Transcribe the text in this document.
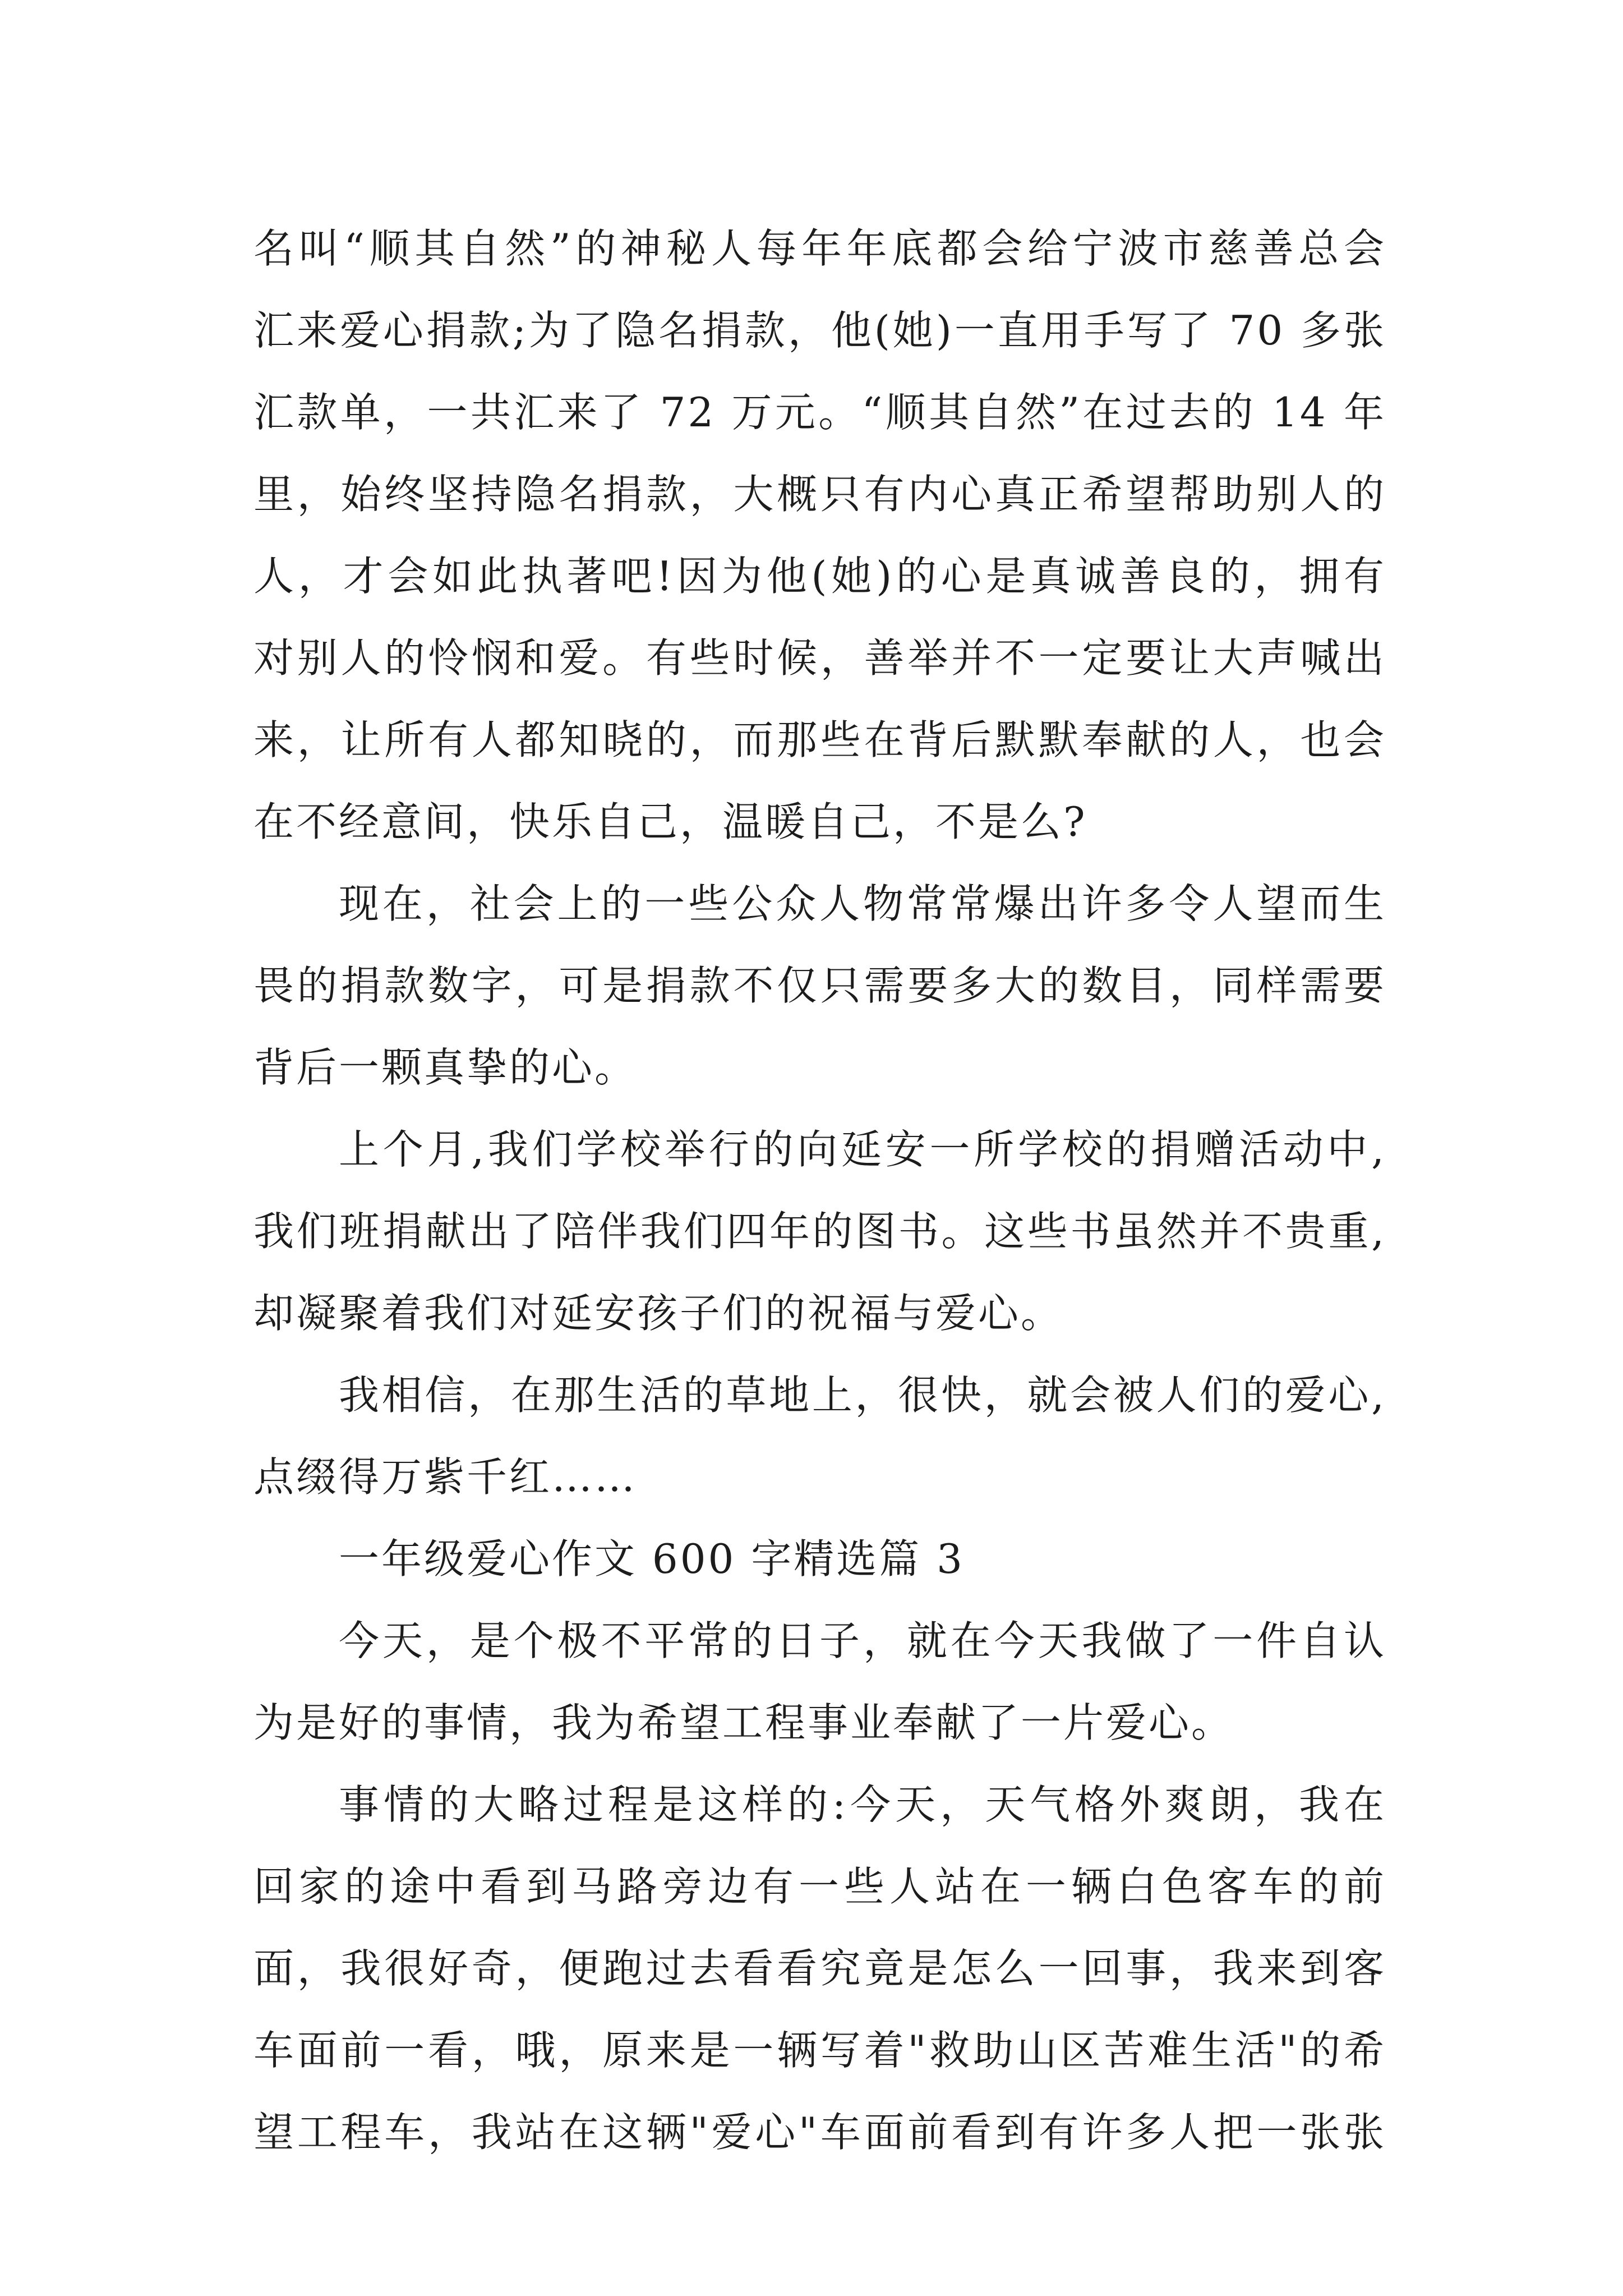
名叫“顺其自然”的神秘人每年年底都会给宁波市慈善总会
汇来爱心捐款;为了隐名捐款，他(她)一直用手写了 70 多张
汇款单，一共汇来了 72 万元。“顺其自然”在过去的 14 年
里，始终坚持隐名捐款，大概只有内心真正希望帮助别人的
人，才会如此执著吧!因为他(她)的心是真诚善良的，拥有
对别人的怜悯和爱。有些时候，善举并不一定要让大声喊出
来，让所有人都知晓的，而那些在背后默默奉献的人，也会
在不经意间，快乐自己，温暖自己，不是么?
现在，社会上的一些公众人物常常爆出许多令人望而生
畏的捐款数字，可是捐款不仅只需要多大的数目，同样需要
背后一颗真挚的心。
上个月,我们学校举行的向延安一所学校的捐赠活动中,
我们班捐献出了陪伴我们四年的图书。这些书虽然并不贵重,
却凝聚着我们对延安孩子们的祝福与爱心。
我相信，在那生活的草地上，很快，就会被人们的爱心,
点缀得万紫千红……
一年级爱心作文 600 字精选篇 3
今天，是个极不平常的日子，就在今天我做了一件自认
为是好的事情，我为希望工程事业奉献了一片爱心。
事情的大略过程是这样的:今天，天气格外爽朗，我在
回家的途中看到马路旁边有一些人站在一辆白色客车的前
面，我很好奇，便跑过去看看究竟是怎么一回事，我来到客
车面前一看，哦，原来是一辆写着"救助山区苦难生活"的希
望工程车，我站在这辆"爱心"车面前看到有许多人把一张张
